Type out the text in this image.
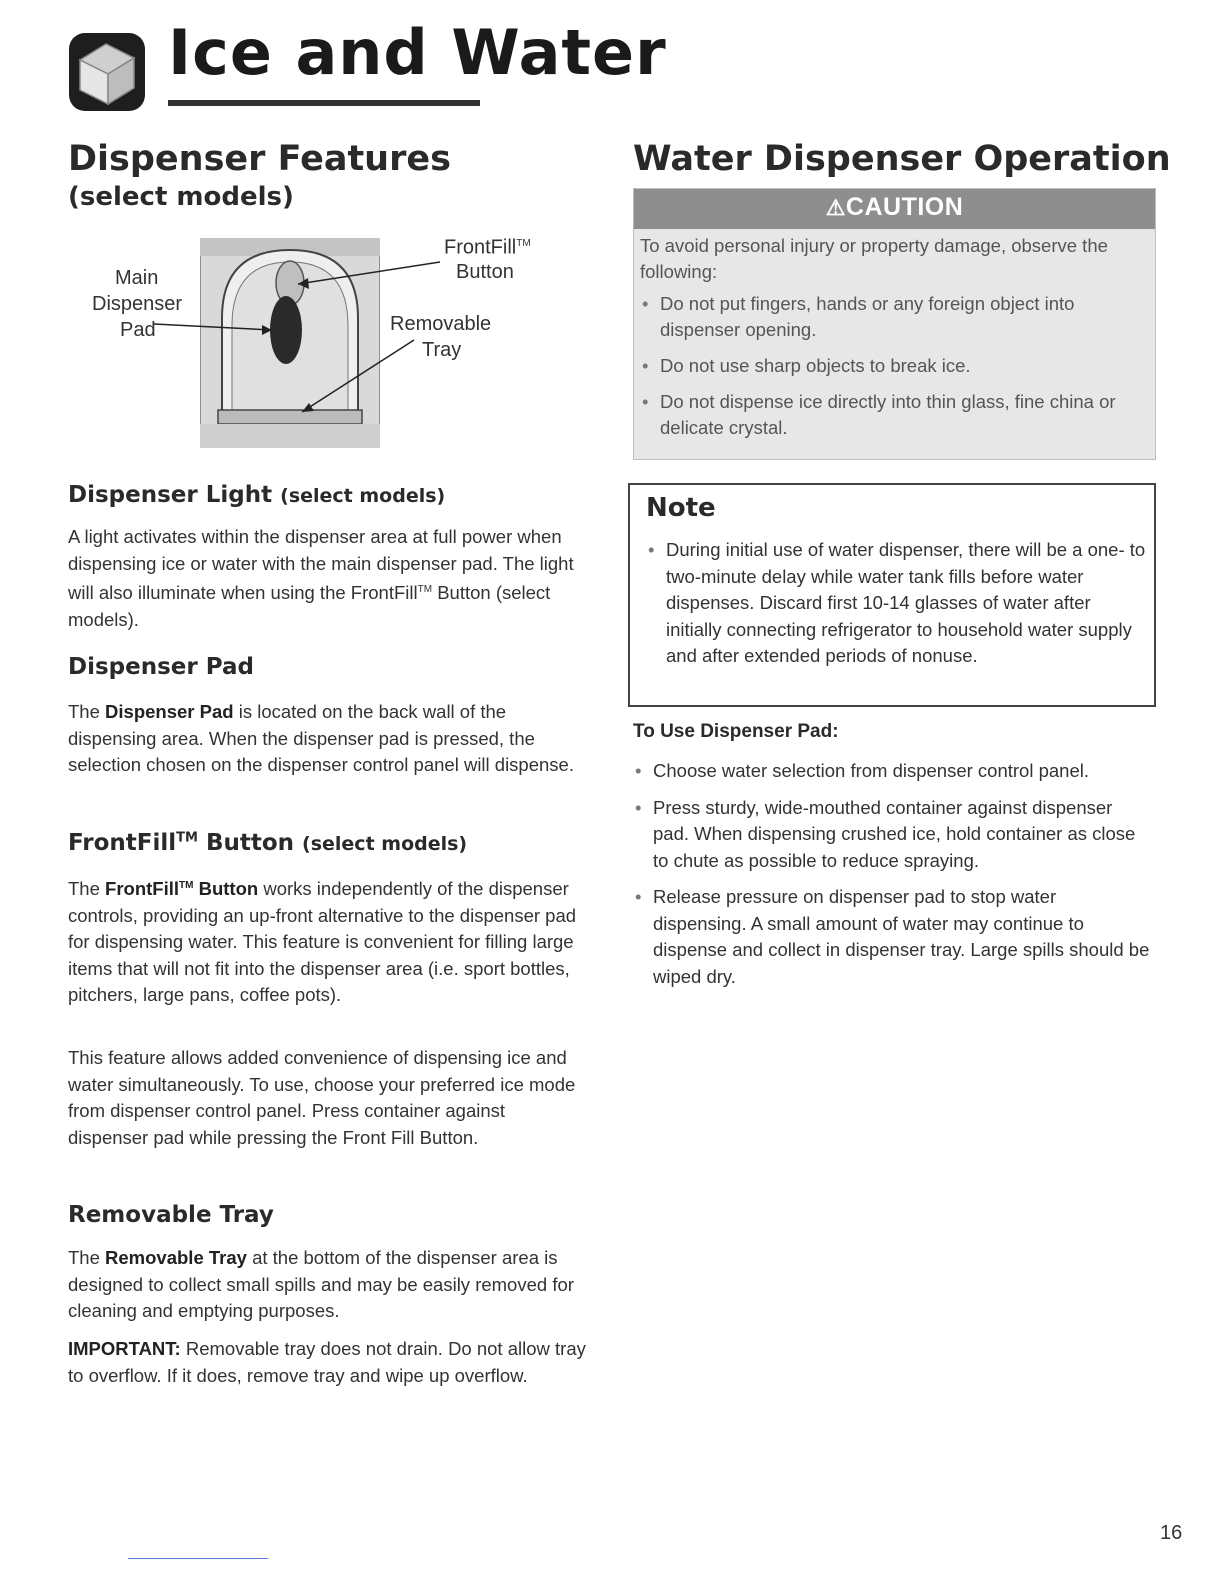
Ice and Water
Dispenser Features
(select models)
Main
Dispenser
Pad
FrontFill™
Button
Removable
Tray
Dispenser Light (select models)
A light activates within the dispenser area at full power when dispensing ice or water with the main dispenser pad. The light will also illuminate when using the FrontFill™ Button (select models).
Dispenser Pad
The Dispenser Pad is located on the back wall of the dispensing area. When the dispenser pad is pressed, the selection chosen on the dispenser control panel will dispense.
FrontFill™ Button (select models)
The FrontFill™ Button works independently of the dispenser controls, providing an up-front alternative to the dispenser pad for dispensing water. This feature is convenient for filling large items that will not fit into the dispenser area (i.e. sport bottles, pitchers, large pans, coffee pots).
This feature allows added convenience of dispensing ice and water simultaneously. To use, choose your preferred ice mode from dispenser control panel. Press container against dispenser pad while pressing the Front Fill Button.
Removable Tray
The Removable Tray at the bottom of the dispenser area is designed to collect small spills and may be easily removed for cleaning and emptying purposes.
IMPORTANT: Removable tray does not drain. Do not allow tray to overflow. If it does, remove tray and wipe up overflow.
Water Dispenser Operation
⚠CAUTION
To avoid personal injury or property damage, observe the following:
• Do not put fingers, hands or any foreign object into dispenser opening.
• Do not use sharp objects to break ice.
• Do not dispense ice directly into thin glass, fine china or delicate crystal.
Note
• During initial use of water dispenser, there will be a one- to two-minute delay while water tank fills before water dispenses. Discard first 10-14 glasses of water after initially connecting refrigerator to household water supply and after extended periods of nonuse.
To Use Dispenser Pad:
• Choose water selection from dispenser control panel.
• Press sturdy, wide-mouthed container against dispenser pad. When dispensing crushed ice, hold container as close to chute as possible to reduce spraying.
• Release pressure on dispenser pad to stop water dispensing. A small amount of water may continue to dispense and collect in dispenser tray. Large spills should be wiped dry.
16
